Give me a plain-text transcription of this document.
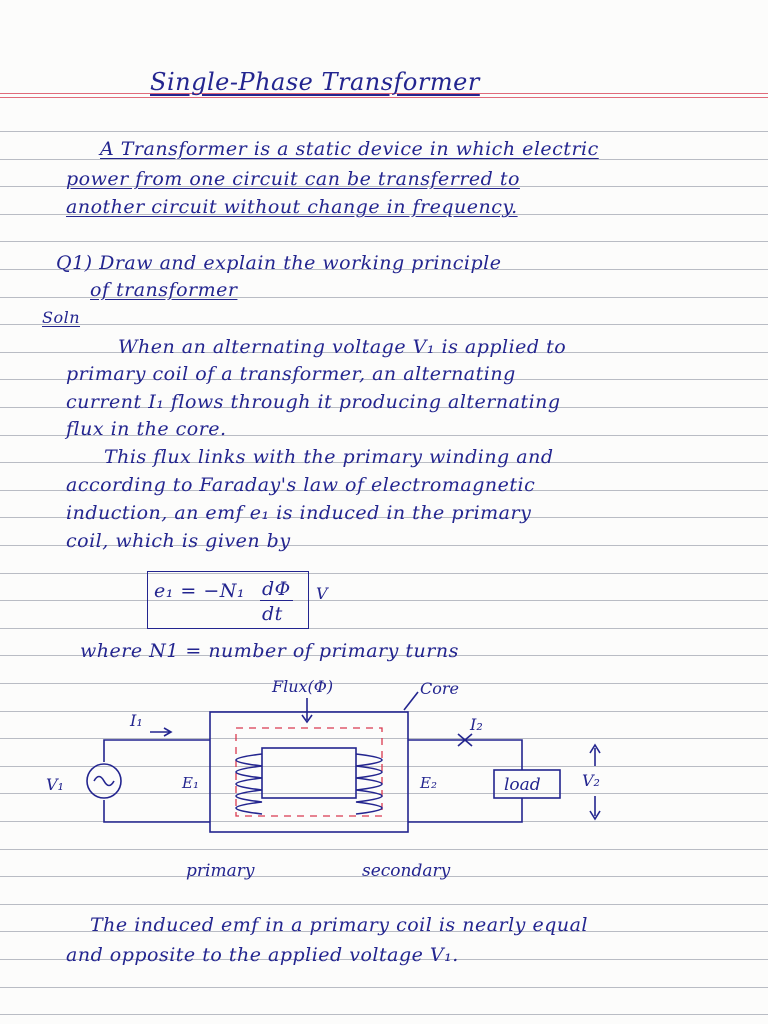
Single-Phase Transformer
A Transformer is a static device in which electric
power from one circuit can be transferred to
another circuit without change in frequency.
Q1) Draw and explain the working principle
of transformer
Soln
When an alternating voltage V₁ is applied to
primary coil of a transformer, an alternating
current I₁ flows through it producing alternating
flux in the core.
This flux links with the primary winding and
according to Faraday's law of electromagnetic
induction, an emf e₁ is induced in the primary
coil, which is given by
e₁ = −N₁ dΦ
dt
V
where N1 = number of primary turns
Flux(Φ)	Core
I₁	I₂
V₁	E₁	E₂	load	V₂
primary	secondary
The induced emf in a primary coil is nearly equal
and opposite to the applied voltage V₁.
